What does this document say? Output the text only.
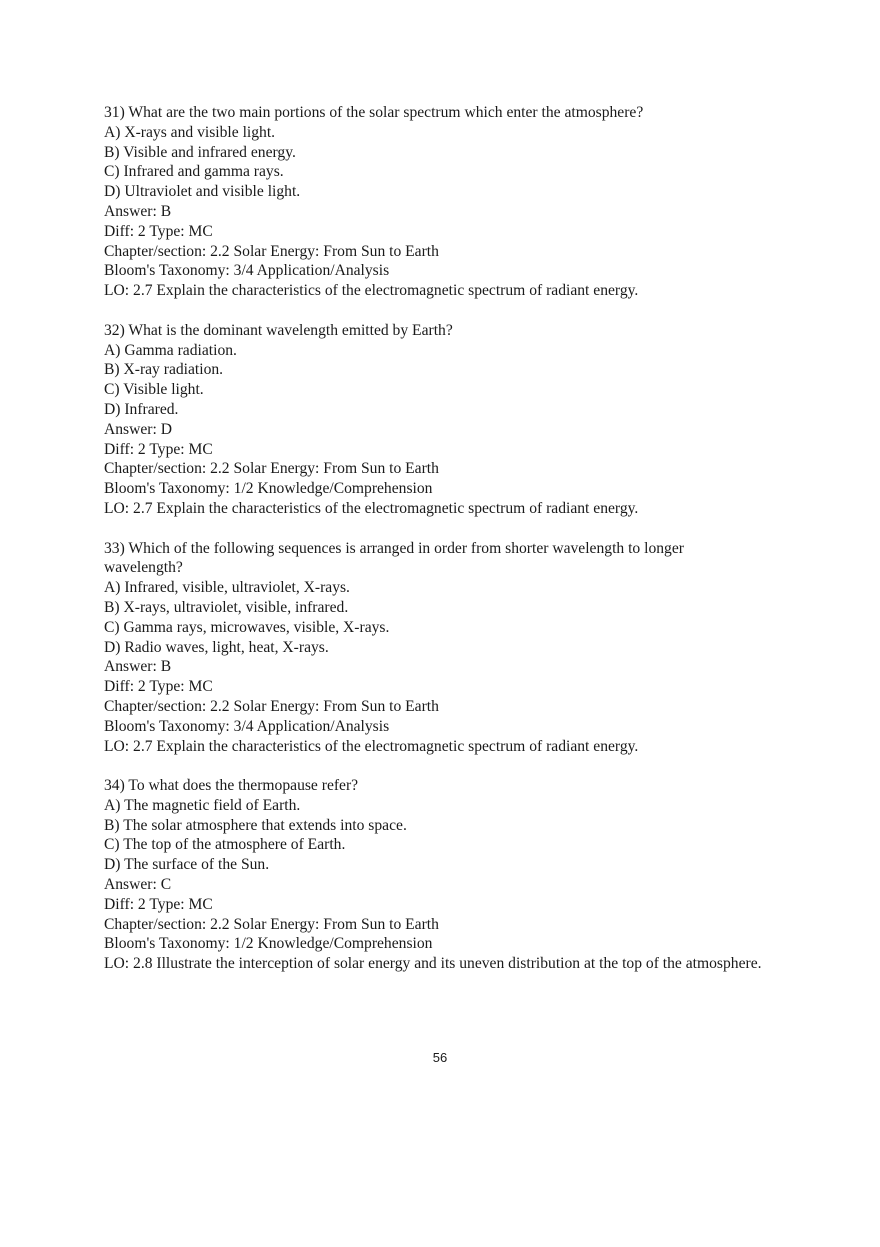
31) What are the two main portions of the solar spectrum which enter the atmosphere?
A) X-rays and visible light.
B) Visible and infrared energy.
C) Infrared and gamma rays.
D) Ultraviolet and visible light.
Answer: B
Diff: 2 Type: MC
Chapter/section: 2.2 Solar Energy: From Sun to Earth
Bloom's Taxonomy: 3/4 Application/Analysis
LO: 2.7 Explain the characteristics of the electromagnetic spectrum of radiant energy.
32) What is the dominant wavelength emitted by Earth?
A) Gamma radiation.
B) X-ray radiation.
C) Visible light.
D) Infrared.
Answer: D
Diff: 2 Type: MC
Chapter/section: 2.2 Solar Energy: From Sun to Earth
Bloom's Taxonomy: 1/2 Knowledge/Comprehension
LO: 2.7 Explain the characteristics of the electromagnetic spectrum of radiant energy.
33) Which of the following sequences is arranged in order from shorter wavelength to longer wavelength?
A) Infrared, visible, ultraviolet, X-rays.
B) X-rays, ultraviolet, visible, infrared.
C) Gamma rays, microwaves, visible, X-rays.
D) Radio waves, light, heat, X-rays.
Answer: B
Diff: 2 Type: MC
Chapter/section: 2.2 Solar Energy: From Sun to Earth
Bloom's Taxonomy: 3/4 Application/Analysis
LO: 2.7 Explain the characteristics of the electromagnetic spectrum of radiant energy.
34) To what does the thermopause refer?
A) The magnetic field of Earth.
B) The solar atmosphere that extends into space.
C) The top of the atmosphere of Earth.
D) The surface of the Sun.
Answer: C
Diff: 2 Type: MC
Chapter/section: 2.2 Solar Energy: From Sun to Earth
Bloom's Taxonomy: 1/2 Knowledge/Comprehension
LO: 2.8 Illustrate the interception of solar energy and its uneven distribution at the top of the atmosphere.
56
